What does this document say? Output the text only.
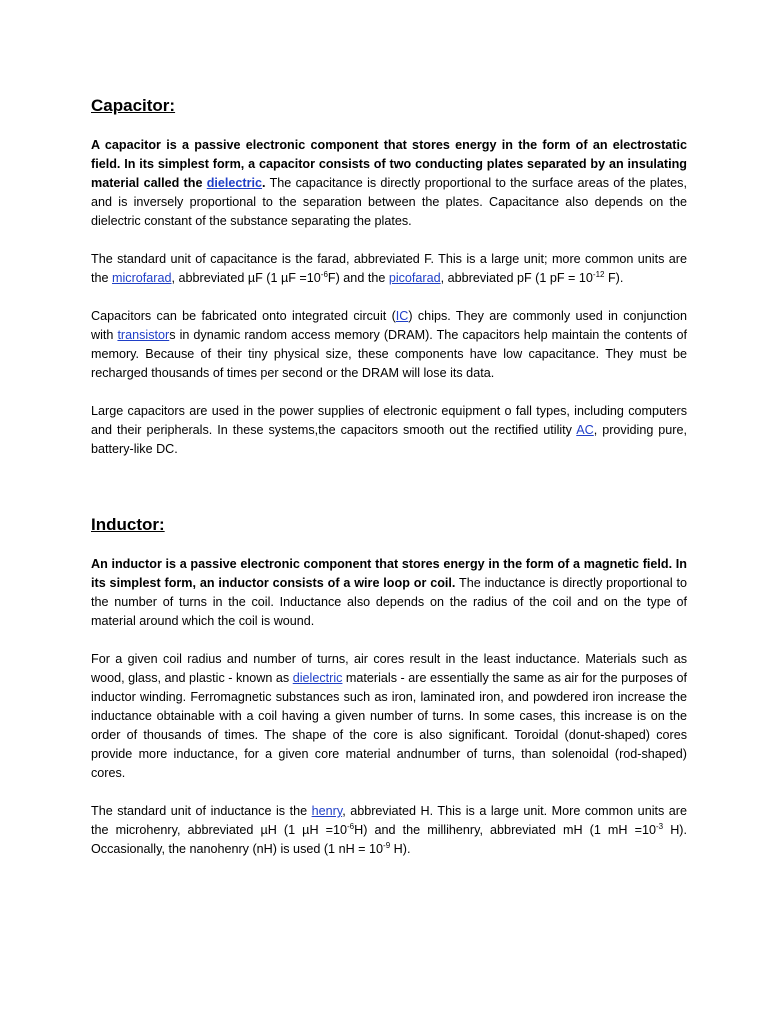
Capacitor:

A capacitor is a passive electronic component that stores energy in the form of an electrostatic field. In its simplest form, a capacitor consists of two conducting plates separated by an insulating material called the dielectric. The capacitance is directly proportional to the surface areas of the plates, and is inversely proportional to the separation between the plates. Capacitance also depends on the dielectric constant of the substance separating the plates.

The standard unit of capacitance is the farad, abbreviated F. This is a large unit; more common units are the microfarad, abbreviated µF (1 $\mu F =10^{-6}F$) and the picofarad, abbreviated pF (1 pF = $10^{-12}$ F).

Capacitors can be fabricated onto integrated circuit (IC) chips. They are commonly used in conjunction with transistors in dynamic random access memory (DRAM). The capacitors help maintain the contents of memory. Because of their tiny physical size, these components have low capacitance. They must be recharged thousands of times per second or the DRAM will lose its data.

Large capacitors are used in the power supplies of electronic equipment o fall types, including computers and their peripherals. In these systems,the capacitors smooth out the rectified utility AC, providing pure, battery-like DC.

Inductor:

An inductor is a passive electronic component that stores energy in the form of a magnetic field. In its simplest form, an inductor consists of a wire loop or coil. The inductance is directly proportional to the number of turns in the coil. Inductance also depends on the radius of the coil and on the type of material around which the coil is wound.

For a given coil radius and number of turns, air cores result in the least inductance. Materials such as wood, glass, and plastic - known as dielectric materials - are essentially the same as air for the purposes of inductor winding. Ferromagnetic substances such as iron, laminated iron, and powdered iron increase the inductance obtainable with a coil having a given number of turns. In some cases, this increase is on the order of thousands of times. The shape of the core is also significant. Toroidal (donut-shaped) cores provide more inductance, for a given core material andnumber of turns, than solenoidal (rod-shaped) cores.

The standard unit of inductance is the henry, abbreviated H. This is a large unit. More common units are the microhenry, abbreviated µH (1 $\mu H =10^{-6}H$) and the millihenry, abbreviated mH (1 mH $=10^{-3}$ H). Occasionally, the nanohenry (nH) is used (1 nH = $10^{-9}$ H).
